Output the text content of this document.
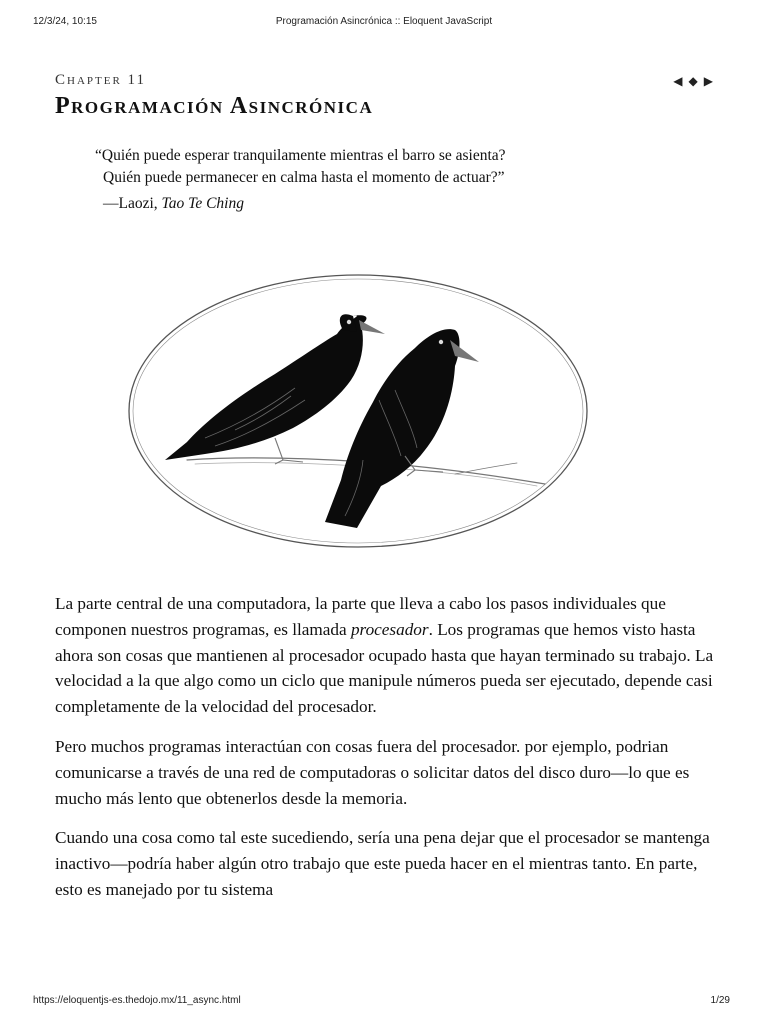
12/3/24, 10:15	Programación Asincrónica :: Eloquent JavaScript
Chapter 11
Programación Asincrónica
◀ ◆ ▶
“Quién puede esperar tranquilamente mientras el barro se asienta?
Quién puede permanecer en calma hasta el momento de actuar?”
—Laozi, Tao Te Ching

La parte central de una computadora, la parte que lleva a cabo los pasos individuales que componen nuestros programas, es llamada procesador. Los programas que hemos visto hasta ahora son cosas que mantienen al procesador ocupado hasta que hayan terminado su trabajo. La velocidad a la que algo como un ciclo que manipule números pueda ser ejecutado, depende casi completamente de la velocidad del procesador.

Pero muchos programas interactúan con cosas fuera del procesador. por ejemplo, podrian comunicarse a través de una red de computadoras o solicitar datos del disco duro—lo que es mucho más lento que obtenerlos desde la memoria.

Cuando una cosa como tal este sucediendo, sería una pena dejar que el procesador se mantenga inactivo—podría haber algún otro trabajo que este pueda hacer en el mientras tanto. En parte, esto es manejado por tu sistema

https://eloquentjs-es.thedojo.mx/11_async.html	1/29
